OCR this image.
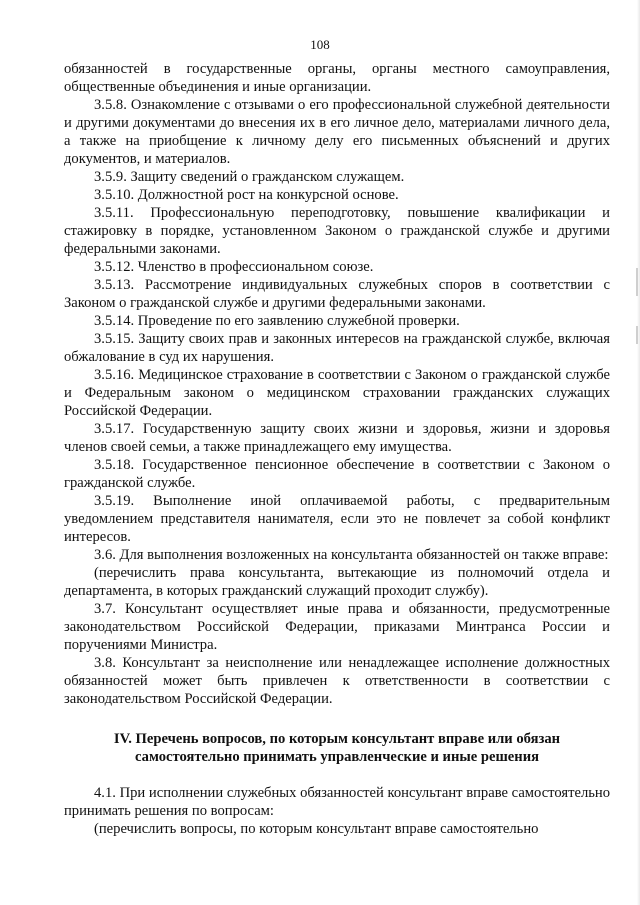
108

обязанностей в государственные органы, органы местного самоуправления, общественные объединения и иные организации.

3.5.8. Ознакомление с отзывами о его профессиональной служебной деятельности и другими документами до внесения их в его личное дело, материалами личного дела, а также на приобщение к личному делу его письменных объяснений и других документов, и материалов.

3.5.9. Защиту сведений о гражданском служащем.

3.5.10. Должностной рост на конкурсной основе.

3.5.11. Профессиональную переподготовку, повышение квалификации и стажировку в порядке, установленном Законом о гражданской службе и другими федеральными законами.

3.5.12. Членство в профессиональном союзе.

3.5.13. Рассмотрение индивидуальных служебных споров в соответствии с Законом о гражданской службе и другими федеральными законами.

3.5.14. Проведение по его заявлению служебной проверки.

3.5.15. Защиту своих прав и законных интересов на гражданской службе, включая обжалование в суд их нарушения.

3.5.16. Медицинское страхование в соответствии с Законом о гражданской службе и Федеральным законом о медицинском страховании гражданских служащих Российской Федерации.

3.5.17. Государственную защиту своих жизни и здоровья, жизни и здоровья членов своей семьи, а также принадлежащего ему имущества.

3.5.18. Государственное пенсионное обеспечение в соответствии с Законом о гражданской службе.

3.5.19. Выполнение иной оплачиваемой работы, с предварительным уведомлением представителя нанимателя, если это не повлечет за собой конфликт интересов.

3.6. Для выполнения возложенных на консультанта обязанностей он также вправе:

(перечислить права консультанта, вытекающие из полномочий отдела и департамента, в которых гражданский служащий проходит службу).

3.7. Консультант осуществляет иные права и обязанности, предусмотренные законодательством Российской Федерации, приказами Минтранса России и поручениями Министра.

3.8. Консультант за неисполнение или ненадлежащее исполнение должностных обязанностей может быть привлечен к ответственности в соответствии с законодательством Российской Федерации.

IV. Перечень вопросов, по которым консультант вправе или обязан самостоятельно принимать управленческие и иные решения

4.1. При исполнении служебных обязанностей консультант вправе самостоятельно принимать решения по вопросам:

(перечислить вопросы, по которым консультант вправе самостоятельно
